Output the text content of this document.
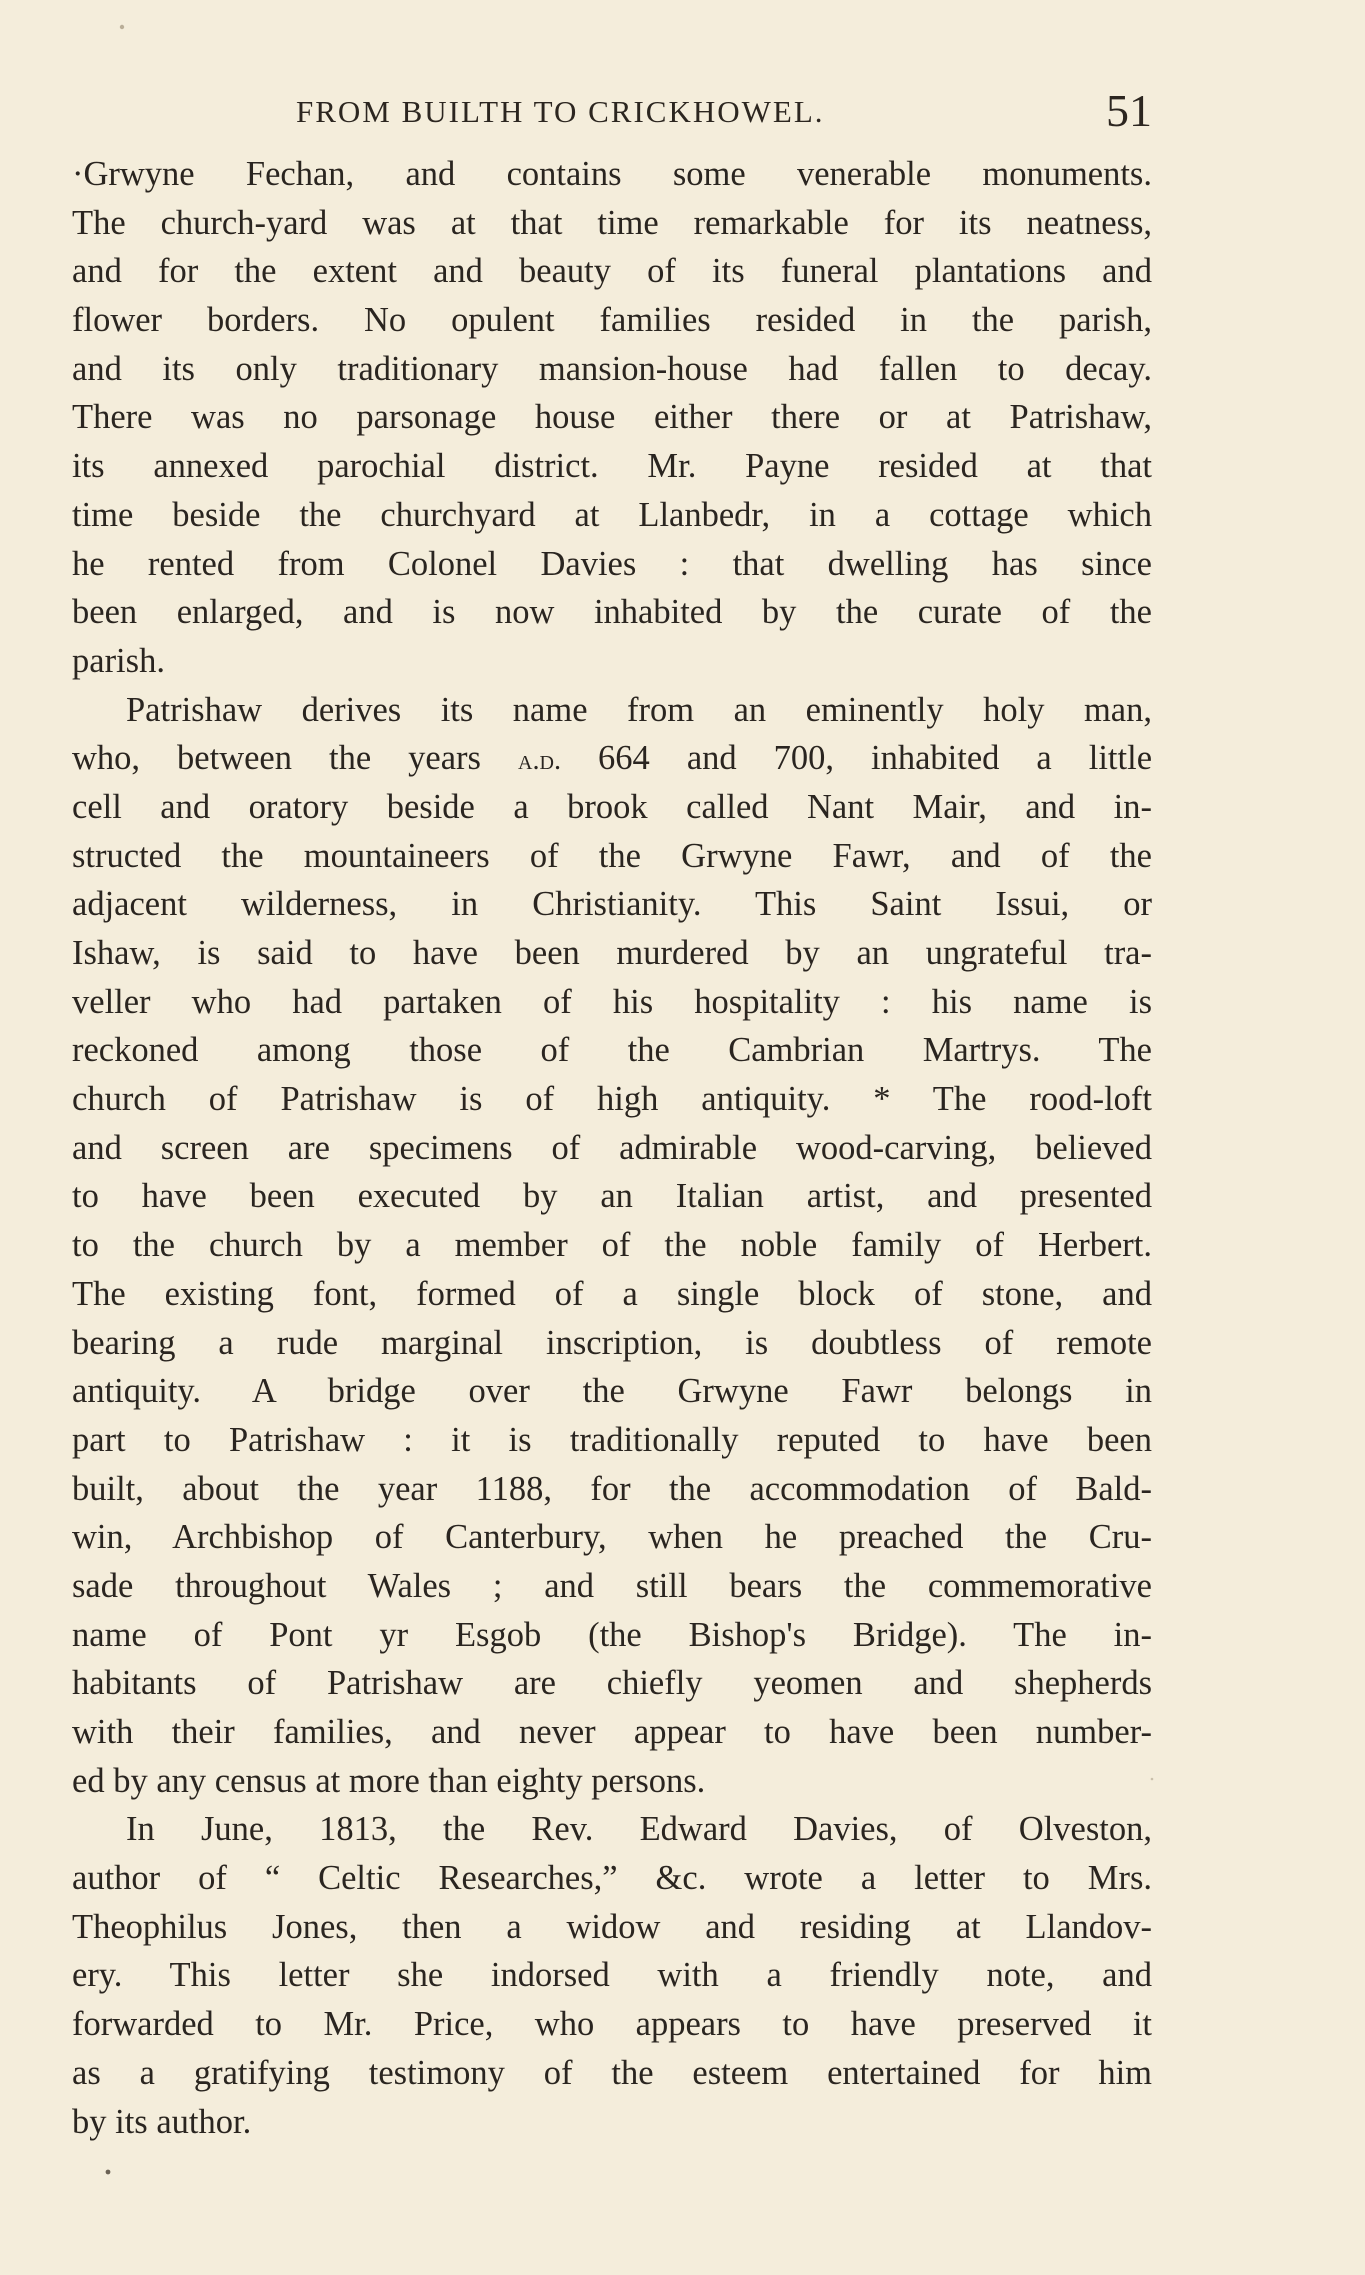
FROM BUILTH TO CRICKHOWEL.	51
·Grwyne Fechan, and contains some venerable monuments.
The church-yard was at that time remarkable for its neatness,
and for the extent and beauty of its funeral plantations and
flower borders. No opulent families resided in the parish,
and its only traditionary mansion-house had fallen to decay.
There was no parsonage house either there or at Patrishaw,
its annexed parochial district. Mr. Payne resided at that
time beside the churchyard at Llanbedr, in a cottage which
he rented from Colonel Davies : that dwelling has since
been enlarged, and is now inhabited by the curate of the
parish.
Patrishaw derives its name from an eminently holy man,
who, between the years a.d. 664 and 700, inhabited a little
cell and oratory beside a brook called Nant Mair, and in-
structed the mountaineers of the Grwyne Fawr, and of the
adjacent wilderness, in Christianity. This Saint Issui, or
Ishaw, is said to have been murdered by an ungrateful tra-
veller who had partaken of his hospitality : his name is
reckoned among those of the Cambrian Martrys. The
church of Patrishaw is of high antiquity. * The rood-loft
and screen are specimens of admirable wood-carving, believed
to have been executed by an Italian artist, and presented
to the church by a member of the noble family of Herbert.
The existing font, formed of a single block of stone, and
bearing a rude marginal inscription, is doubtless of remote
antiquity. A bridge over the Grwyne Fawr belongs in
part to Patrishaw : it is traditionally reputed to have been
built, about the year 1188, for the accommodation of Bald-
win, Archbishop of Canterbury, when he preached the Cru-
sade throughout Wales ; and still bears the commemorative
name of Pont yr Esgob (the Bishop's Bridge). The in-
habitants of Patrishaw are chiefly yeomen and shepherds
with their families, and never appear to have been number-
ed by any census at more than eighty persons.
In June, 1813, the Rev. Edward Davies, of Olveston,
author of “ Celtic Researches,” &c. wrote a letter to Mrs.
Theophilus Jones, then a widow and residing at Llandov-
ery. This letter she indorsed with a friendly note, and
forwarded to Mr. Price, who appears to have preserved it
as a gratifying testimony of the esteem entertained for him
by its author.
